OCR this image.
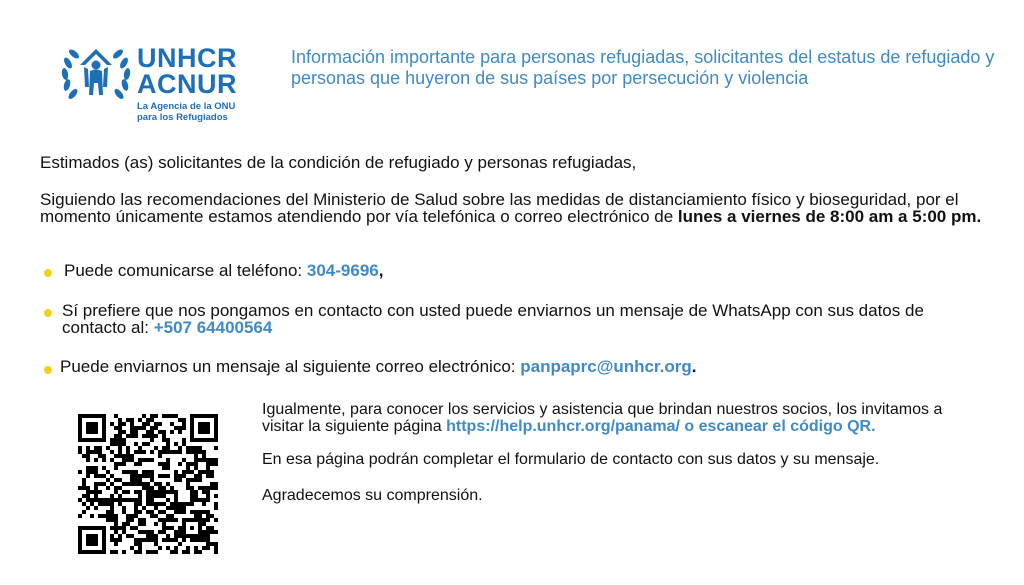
UNHCR
ACNUR
La Agencia de la ONU
para los Refugiados
Información importante para personas refugiadas, solicitantes del estatus de refugiado y personas que huyeron de sus países por persecución y violencia
Estimados (as) solicitantes de la condición de refugiado y personas refugiadas,
Siguiendo las recomendaciones del Ministerio de Salud sobre las medidas de distanciamiento físico y bioseguridad, por el momento únicamente estamos atendiendo por vía telefónica o correo electrónico de lunes a viernes de 8:00 am a 5:00 pm.
Puede comunicarse al teléfono: 304-9696,
Sí prefiere que nos pongamos en contacto con usted puede enviarnos un mensaje de WhatsApp con sus datos de contacto al: +507 64400564
Puede enviarnos un mensaje al siguiente correo electrónico: panpaprc@unhcr.org.
Igualmente, para conocer los servicios y asistencia que brindan nuestros socios, los invitamos a visitar la siguiente página https://help.unhcr.org/panama/ o escanear el código QR.
En esa página podrán completar el formulario de contacto con sus datos y su mensaje.
Agradecemos su comprensión.
